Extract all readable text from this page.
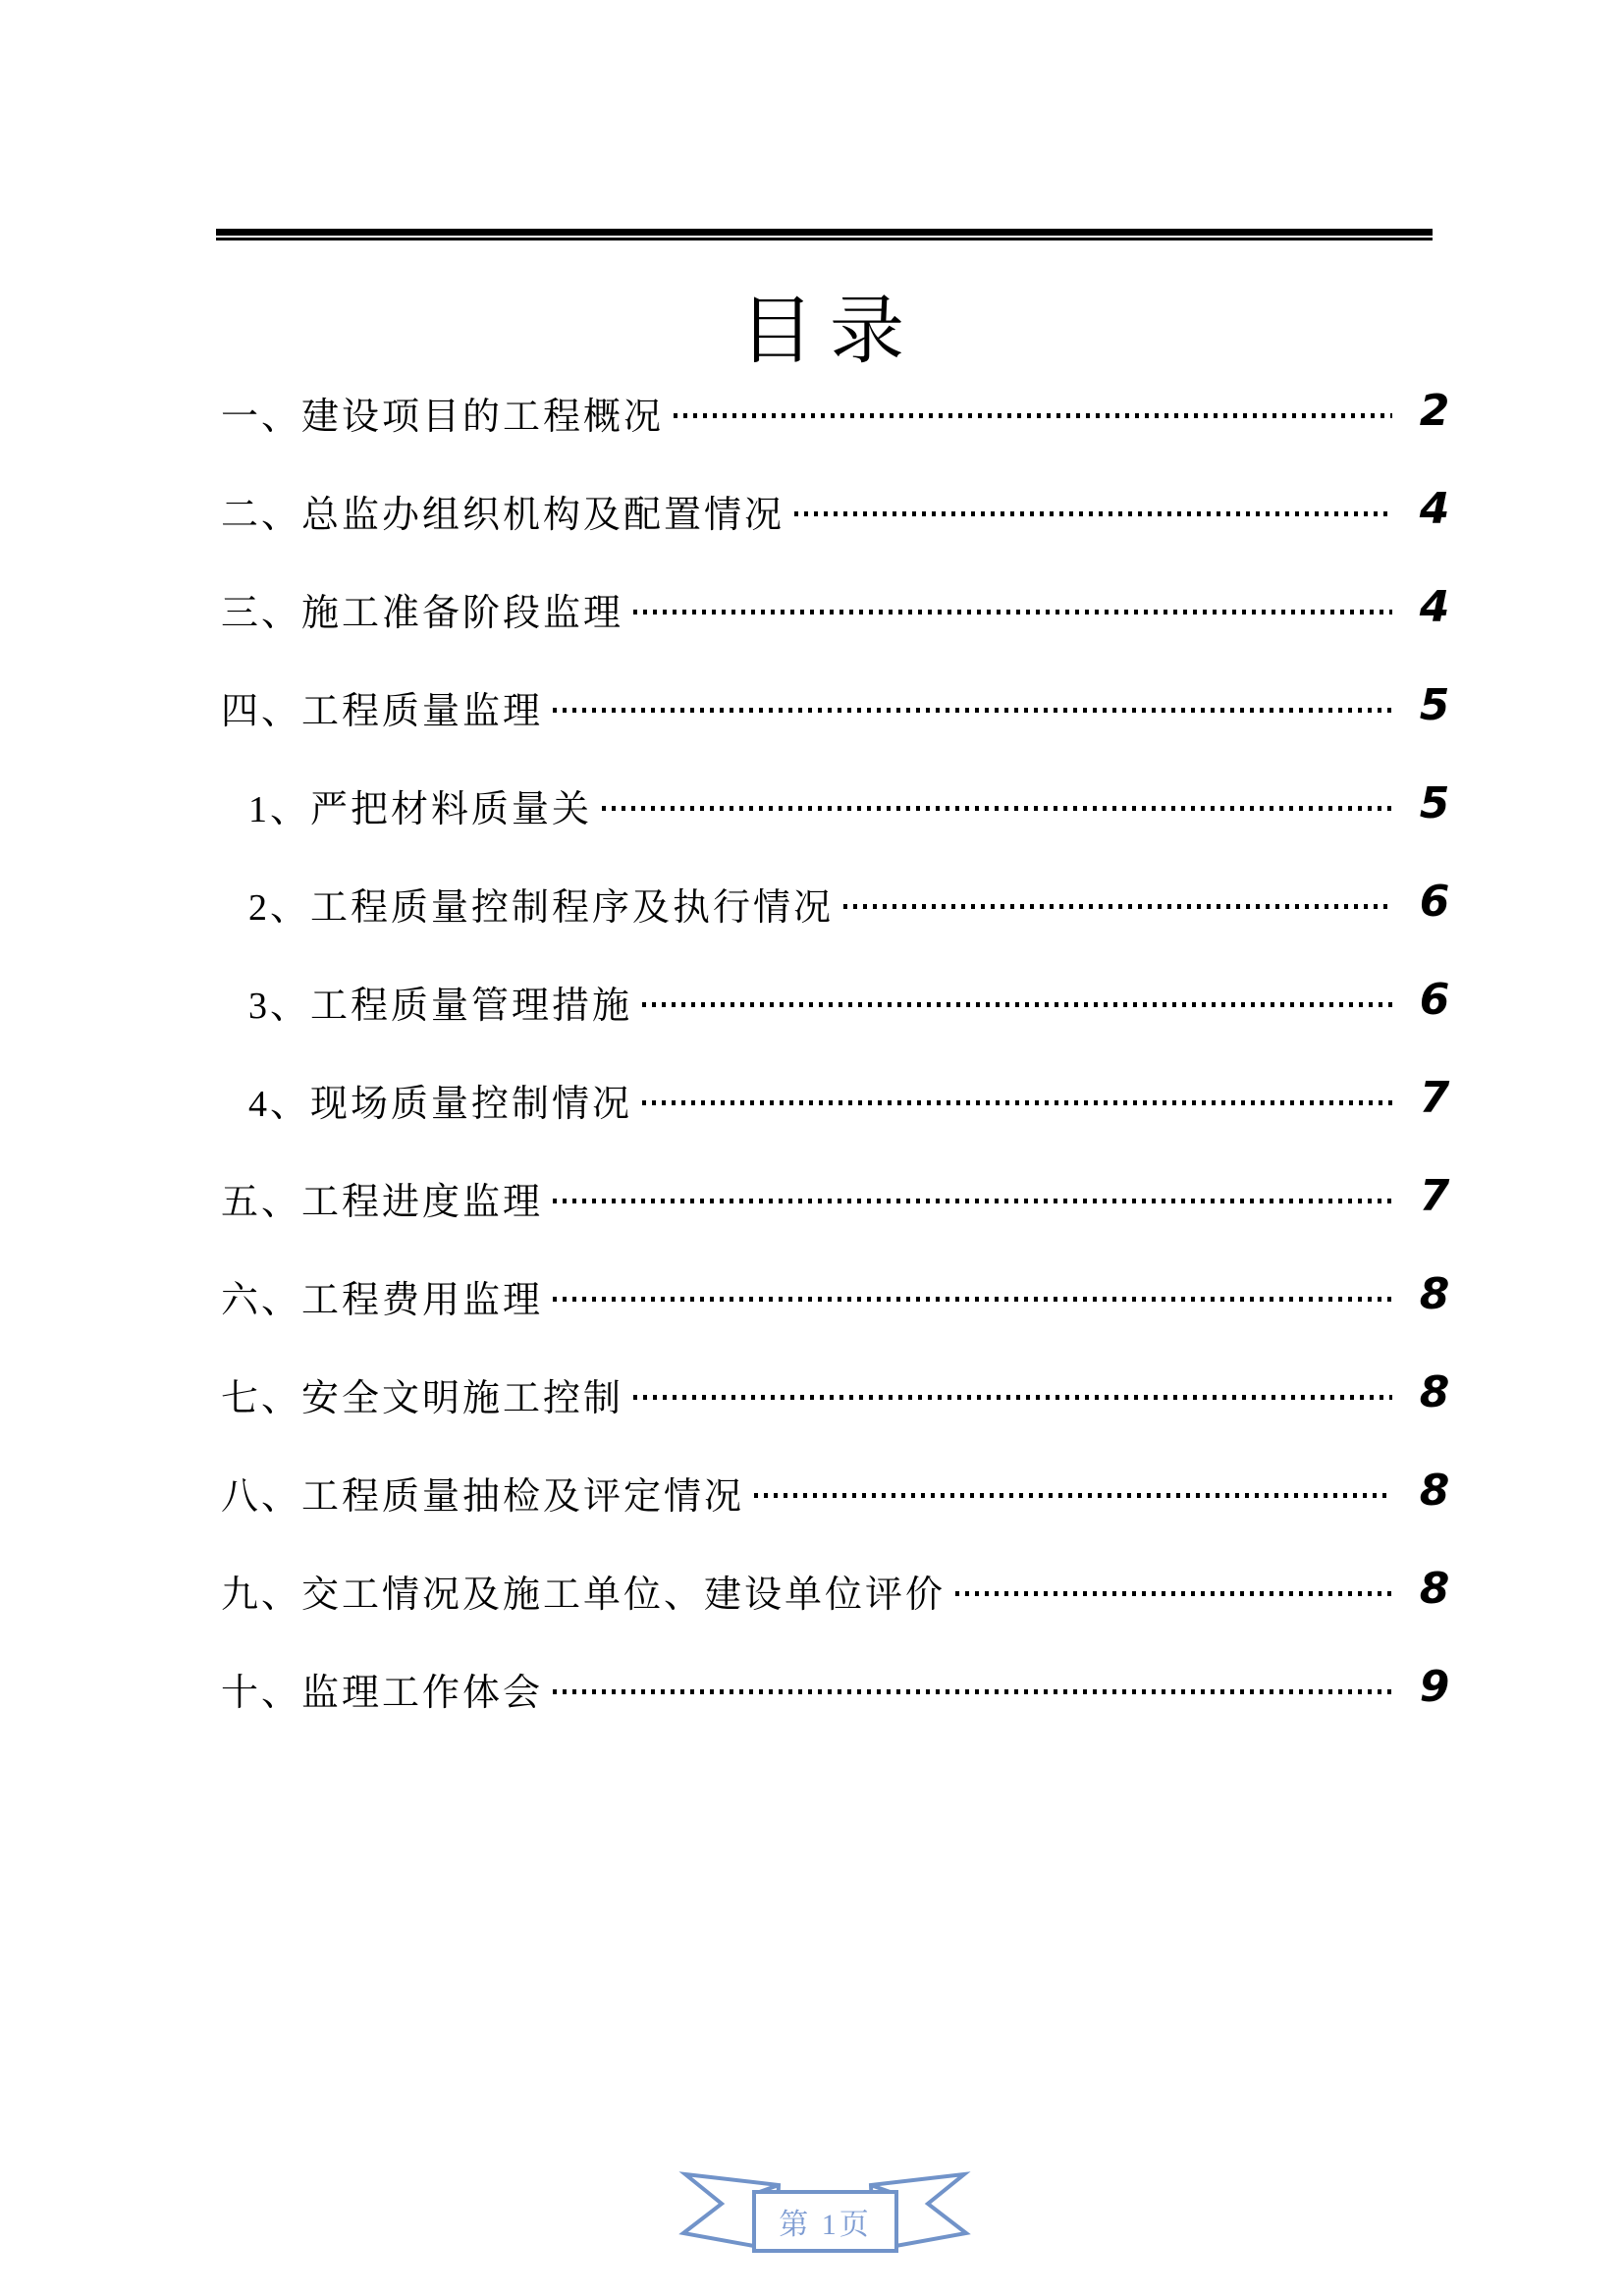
目录
一、建设项目的工程概况	2
二、总监办组织机构及配置情况	4
三、施工准备阶段监理	4
四、工程质量监理	5
1、严把材料质量关	5
2、工程质量控制程序及执行情况	6
3、工程质量管理措施	6
4、现场质量控制情况	7
五、工程进度监理	7
六、工程费用监理	8
七、安全文明施工控制	8
八、工程质量抽检及评定情况	8
九、交工情况及施工单位、建设单位评价	8
十、监理工作体会	9
第 1页
